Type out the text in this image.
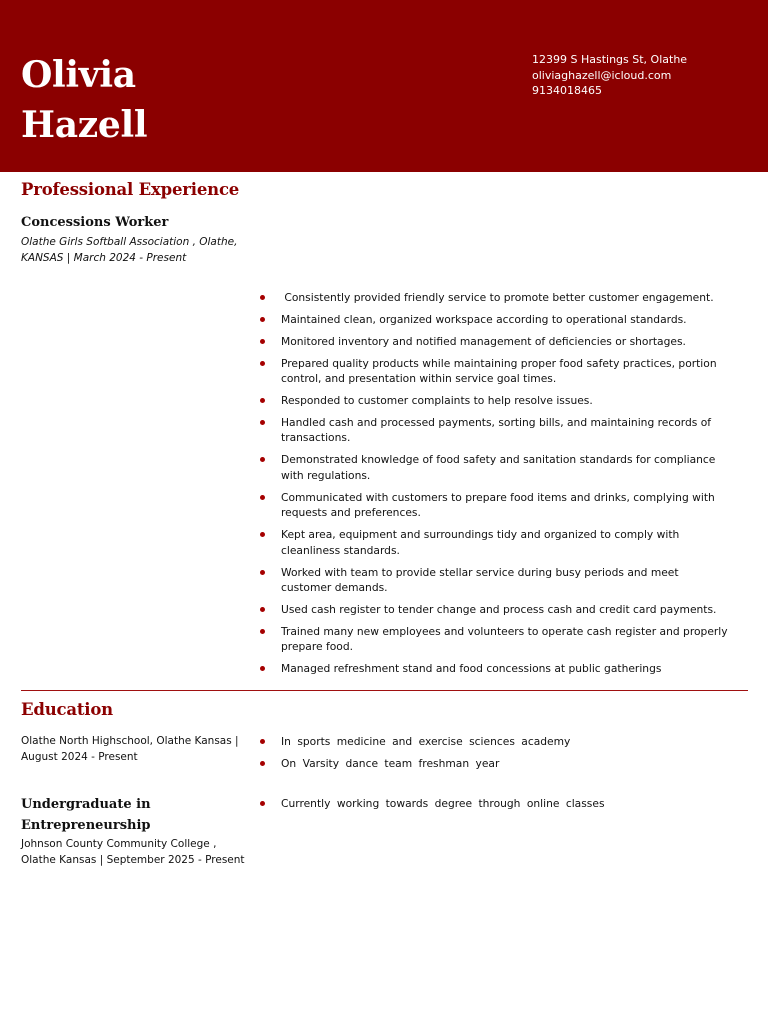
Olivia
Hazell
12399 S Hastings St, Olathe
oliviaghazell@icloud.com
9134018465
Professional Experience
Concessions Worker
Olathe Girls Softball Association , Olathe,
KANSAS | March 2024 - Present
Consistently provided friendly service to promote better customer engagement.
Maintained clean, organized workspace according to operational standards.
Monitored inventory and notified management of deficiencies or shortages.
Prepared quality products while maintaining proper food safety practices, portion control, and presentation within service goal times.
Responded to customer complaints to help resolve issues.
Handled cash and processed payments, sorting bills, and maintaining records of transactions.
Demonstrated knowledge of food safety and sanitation standards for compliance with regulations.
Communicated with customers to prepare food items and drinks, complying with requests and preferences.
Kept area, equipment and surroundings tidy and organized to comply with cleanliness standards.
Worked with team to provide stellar service during busy periods and meet customer demands.
Used cash register to tender change and process cash and credit card payments.
Trained many new employees and volunteers to operate cash register and properly prepare food.
Managed refreshment stand and food concessions at public gatherings
Education
Olathe North Highschool, Olathe Kansas |
August 2024 - Present
In sports medicine and exercise sciences academy
On Varsity dance team freshman year
Undergraduate in Entrepreneurship
Johnson County Community College ,
Olathe Kansas | September 2025 - Present
Currently working towards degree through online classes
